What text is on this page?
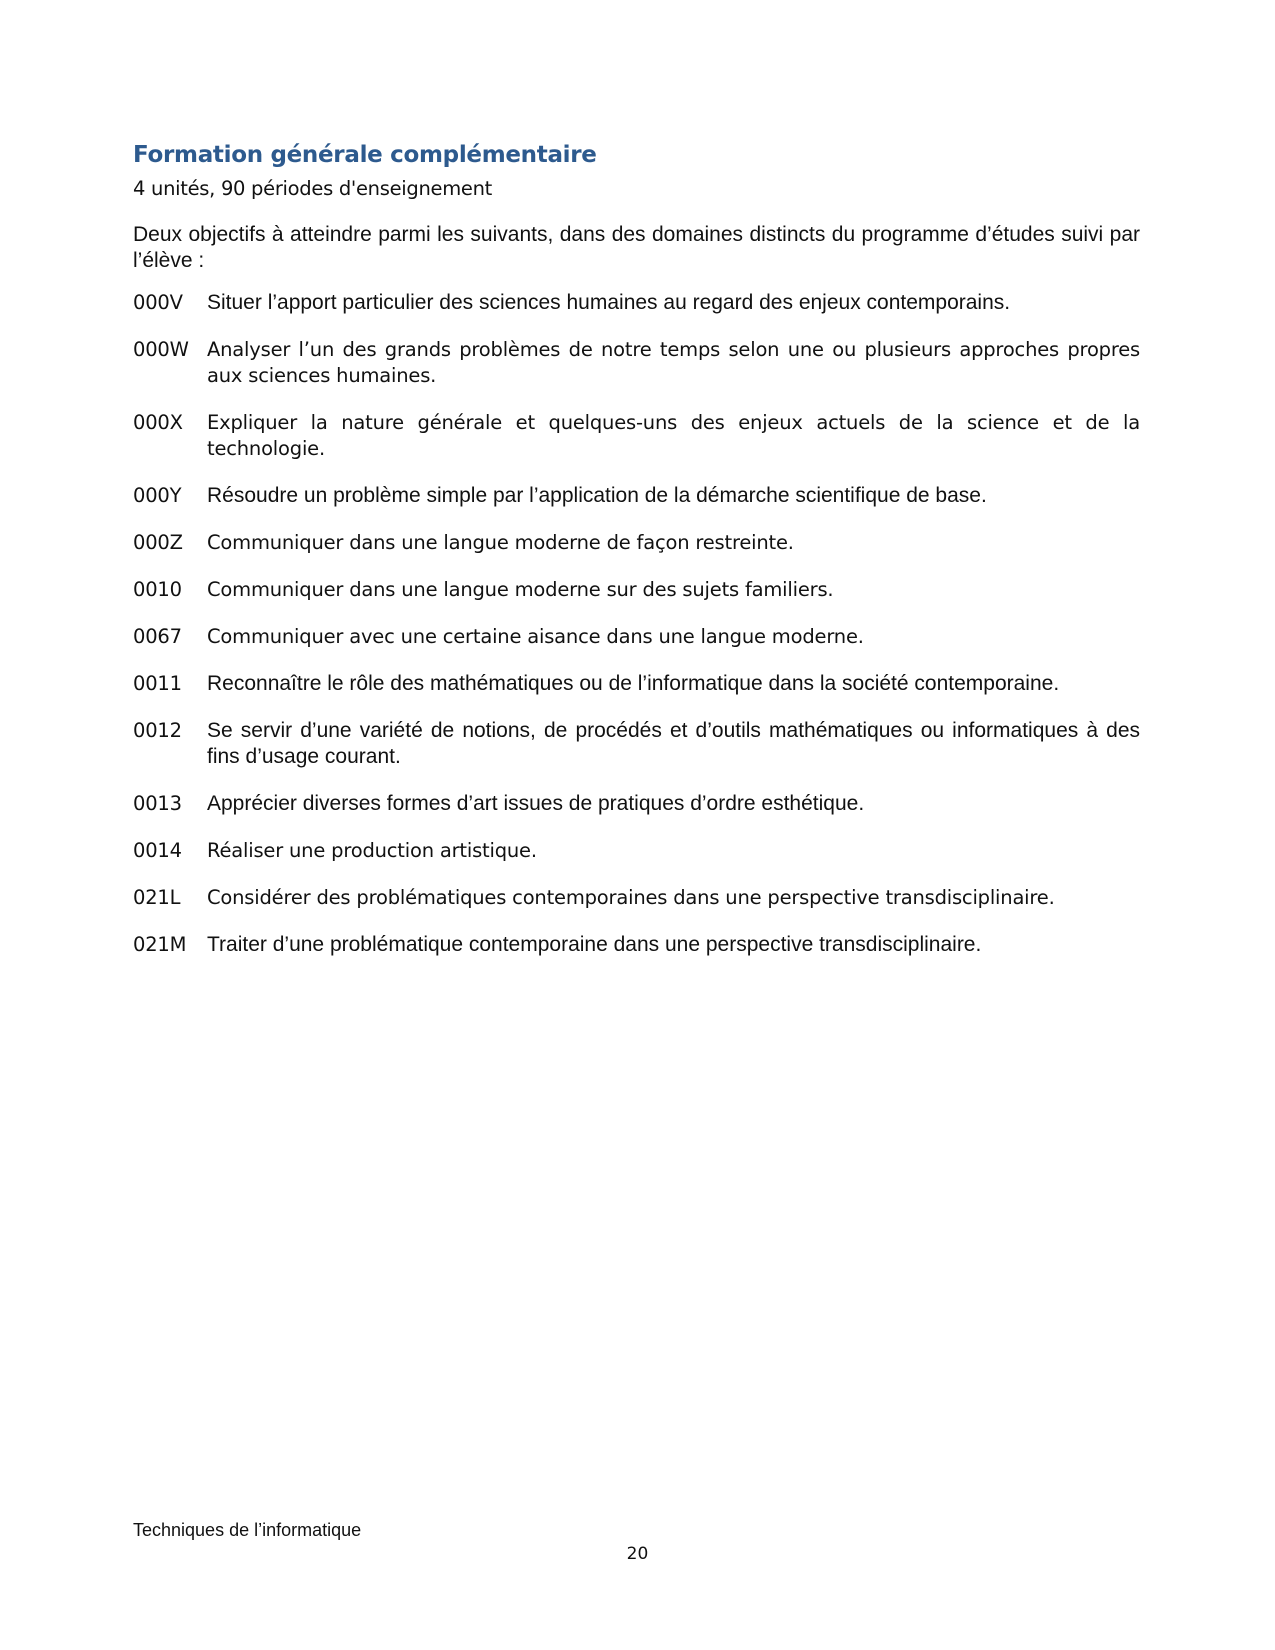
Formation générale complémentaire

4 unités, 90 périodes d'enseignement

Deux objectifs à atteindre parmi les suivants, dans des domaines distincts du programme d’études suivi par l’élève :

000V	Situer l’apport particulier des sciences humaines au regard des enjeux contemporains.
000W Analyser l’un des grands problèmes de notre temps selon une ou plusieurs approches propres aux sciences humaines.
000X	Expliquer la nature générale et quelques-uns des enjeux actuels de la science et de la technologie.
000Y	Résoudre un problème simple par l’application de la démarche scientifique de base.
000Z	Communiquer dans une langue moderne de façon restreinte.
0010	Communiquer dans une langue moderne sur des sujets familiers.
0067	Communiquer avec une certaine aisance dans une langue moderne.
0011	Reconnaître le rôle des mathématiques ou de l’informatique dans la société contemporaine.
0012	Se servir d’une variété de notions, de procédés et d’outils mathématiques ou informatiques à des fins d’usage courant.
0013	Apprécier diverses formes d’art issues de pratiques d’ordre esthétique.
0014	Réaliser une production artistique.
021L	Considérer des problématiques contemporaines dans une perspective transdisciplinaire.
021M Traiter d’une problématique contemporaine dans une perspective transdisciplinaire.
Techniques de l’informatique
20
